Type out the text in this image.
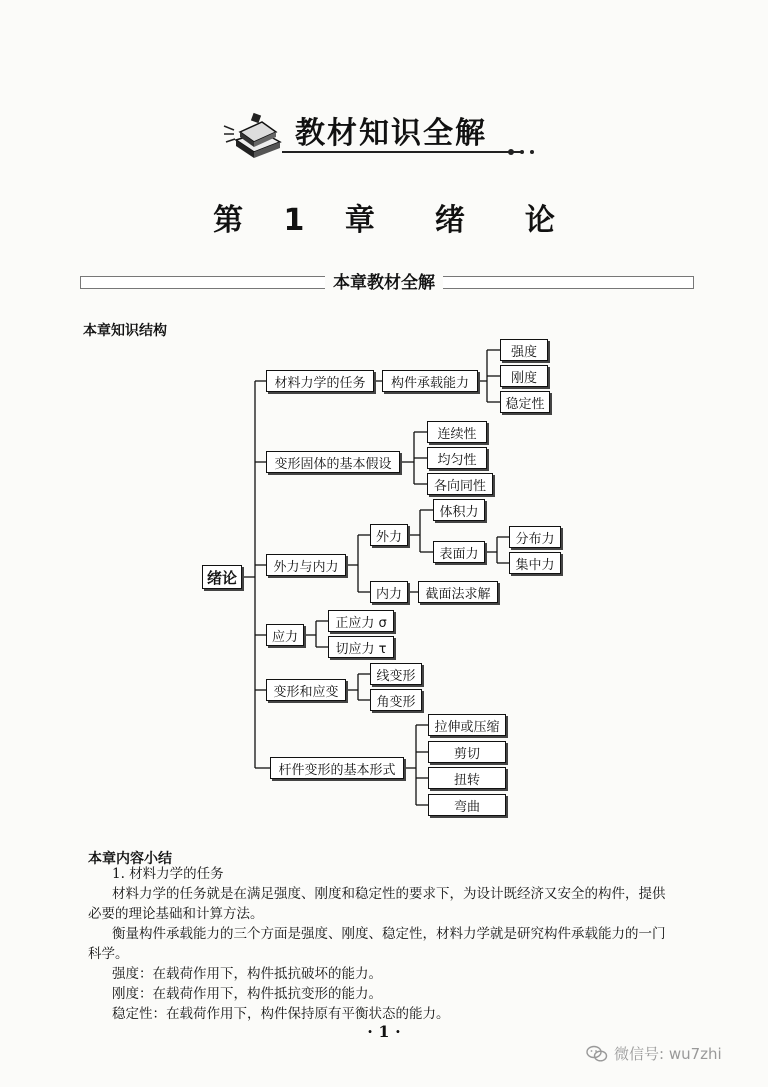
教材知识全解
第 1 章　　绪　　论
本章教材全解
本章知识结构
绪论
材料力学的任务	构件承载能力
强度
刚度
稳定性
变形固体的基本假设
连续性
均匀性
各向同性
外力与内力
外力
体积力
表面力
分布力
集中力
内力	截面法求解
应力
正应力 σ
切应力 τ
变形和应变
线变形
角变形
杆件变形的基本形式
拉伸或压缩
剪切
扭转
弯曲
本章内容小结
1. 材料力学的任务
材料力学的任务就是在满足强度、刚度和稳定性的要求下，为设计既经济又安全的构件，提供
必要的理论基础和计算方法。
衡量构件承载能力的三个方面是强度、刚度、稳定性，材料力学就是研究构件承载能力的一门
科学。
强度：在载荷作用下，构件抵抗破坏的能力。
刚度：在载荷作用下，构件抵抗变形的能力。
稳定性：在载荷作用下，构件保持原有平衡状态的能力。
· 1 ·
微信号: wu7zhi
